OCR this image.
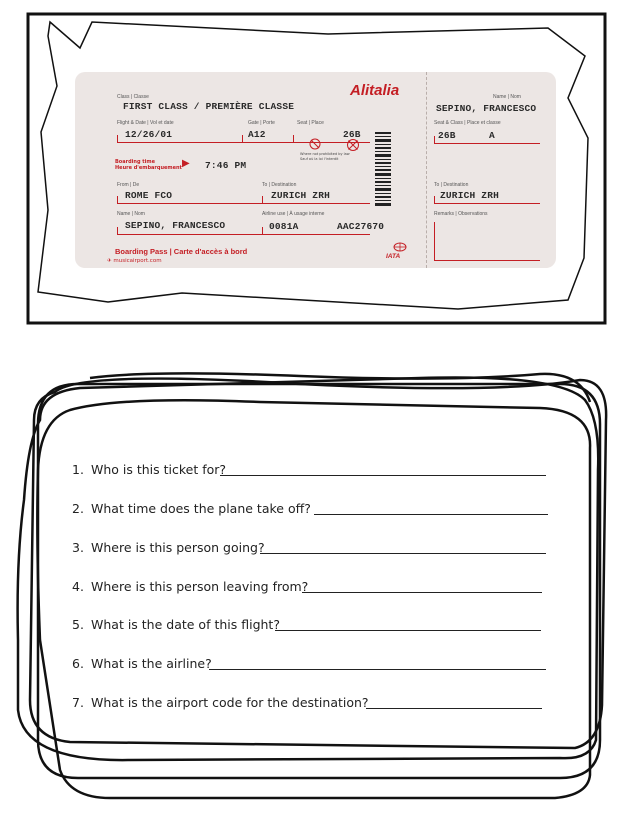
Class | Classe
FIRST CLASS / PREMIÈRE CLASSE
Alitalia
Flight & Date | Vol et date
12/26/01
Gate | Porte
A12
Seat | Place
26B
Where not prohibited by law
Sauf où la loi l'interdit
Boarding time
Heure d'embarquement ▶ 7:46 PM
From | De
ROME FCO
To | Destination
ZURICH ZRH
Name | Nom
SEPINO, FRANCESCO
Airline use | À usage interne
0081A	AAC27670
Boarding Pass | Carte d'accès à bord
✈ musicairport.com
IATA
Name | Nom
SEPINO, FRANCESCO
Seat & Class | Place et classe
26B	A
To | Destination
ZURICH ZRH
Remarks | Observations
1. Who is this ticket for?
2. What time does the plane take off?
3. Where is this person going?
4. Where is this person leaving from?
5. What is the date of this flight?
6. What is the airline?
7. What is the airport code for the destination?
